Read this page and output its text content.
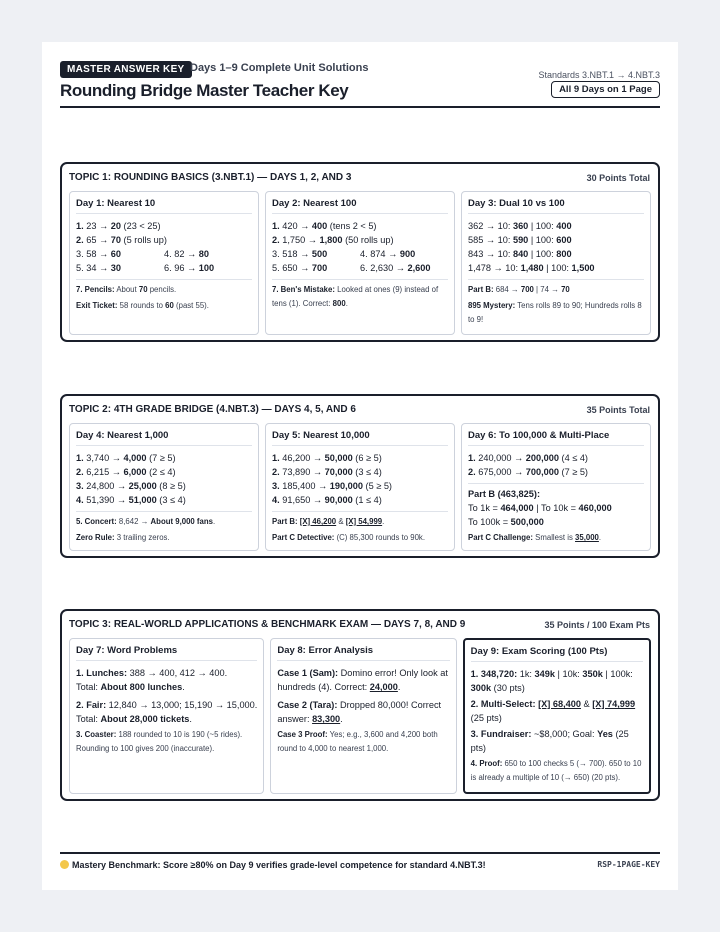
MASTER ANSWER KEY Days 1–9 Complete Unit Solutions
Rounding Bridge Master Teacher Key
Standards 3.NBT.1 → 4.NBT.3
All 9 Days on 1 Page
TOPIC 1: ROUNDING BASICS (3.NBT.1) — DAYS 1, 2, AND 3	30 Points Total
Day 1: Nearest 10
1. 23 → 20 (23 < 25)
2. 65 → 70 (5 rolls up)
3. 58 → 60	4. 82 → 80
5. 34 → 30	6. 96 → 100
7. Pencils: About 70 pencils.
Exit Ticket: 58 rounds to 60 (past 55).
Day 2: Nearest 100
1. 420 → 400 (tens 2 < 5)
2. 1,750 → 1,800 (50 rolls up)
3. 518 → 500	4. 874 → 900
5. 650 → 700	6. 2,630 → 2,600
7. Ben's Mistake: Looked at ones (9) instead of tens (1). Correct: 800.
Day 3: Dual 10 vs 100
362 → 10: 360 | 100: 400
585 → 10: 590 | 100: 600
843 → 10: 840 | 100: 800
1,478 → 10: 1,480 | 100: 1,500
Part B: 684 → 700 | 74 → 70
895 Mystery: Tens rolls 89 to 90; Hundreds rolls 8 to 9!
TOPIC 2: 4TH GRADE BRIDGE (4.NBT.3) — DAYS 4, 5, AND 6	35 Points Total
Day 4: Nearest 1,000
1. 3,740 → 4,000 (7 ≥ 5)
2. 6,215 → 6,000 (2 ≤ 4)
3. 24,800 → 25,000 (8 ≥ 5)
4. 51,390 → 51,000 (3 ≤ 4)
5. Concert: 8,642 → About 9,000 fans.
Zero Rule: 3 trailing zeros.
Day 5: Nearest 10,000
1. 46,200 → 50,000 (6 ≥ 5)
2. 73,890 → 70,000 (3 ≤ 4)
3. 185,400 → 190,000 (5 ≥ 5)
4. 91,650 → 90,000 (1 ≤ 4)
Part B: [X] 46,200 & [X] 54,999.
Part C Detective: (C) 85,300 rounds to 90k.
Day 6: To 100,000 & Multi-Place
1. 240,000 → 200,000 (4 ≤ 4)
2. 675,000 → 700,000 (7 ≥ 5)
Part B (463,825):
To 1k = 464,000 | To 10k = 460,000
To 100k = 500,000
Part C Challenge: Smallest is 35,000.
TOPIC 3: REAL-WORLD APPLICATIONS & BENCHMARK EXAM — DAYS 7, 8, AND 9	35 Points / 100 Exam Pts
Day 7: Word Problems
1. Lunches: 388 → 400, 412 → 400.
Total: About 800 lunches.
2. Fair: 12,840 → 13,000; 15,190 → 15,000.
Total: About 28,000 tickets.
3. Coaster: 188 rounded to 10 is 190 (~5 rides). Rounding to 100 gives 200 (inaccurate).
Day 8: Error Analysis
Case 1 (Sam): Domino error! Only look at hundreds (4). Correct: 24,000.
Case 2 (Tara): Dropped 80,000! Correct answer: 83,300.
Case 3 Proof: Yes; e.g., 3,600 and 4,200 both round to 4,000 to nearest 1,000.
Day 9: Exam Scoring (100 Pts)
1. 348,720: 1k: 349k | 10k: 350k | 100k: 300k (30 pts)
2. Multi-Select: [X] 68,400 & [X] 74,999 (25 pts)
3. Fundraiser: ~$8,000; Goal: Yes (25 pts)
4. Proof: 650 to 100 checks 5 (→ 700). 650 to 10 is already a multiple of 10 (→ 650) (20 pts).
Mastery Benchmark: Score ≥80% on Day 9 verifies grade-level competence for standard 4.NBT.3!	RSP-1PAGE-KEY
